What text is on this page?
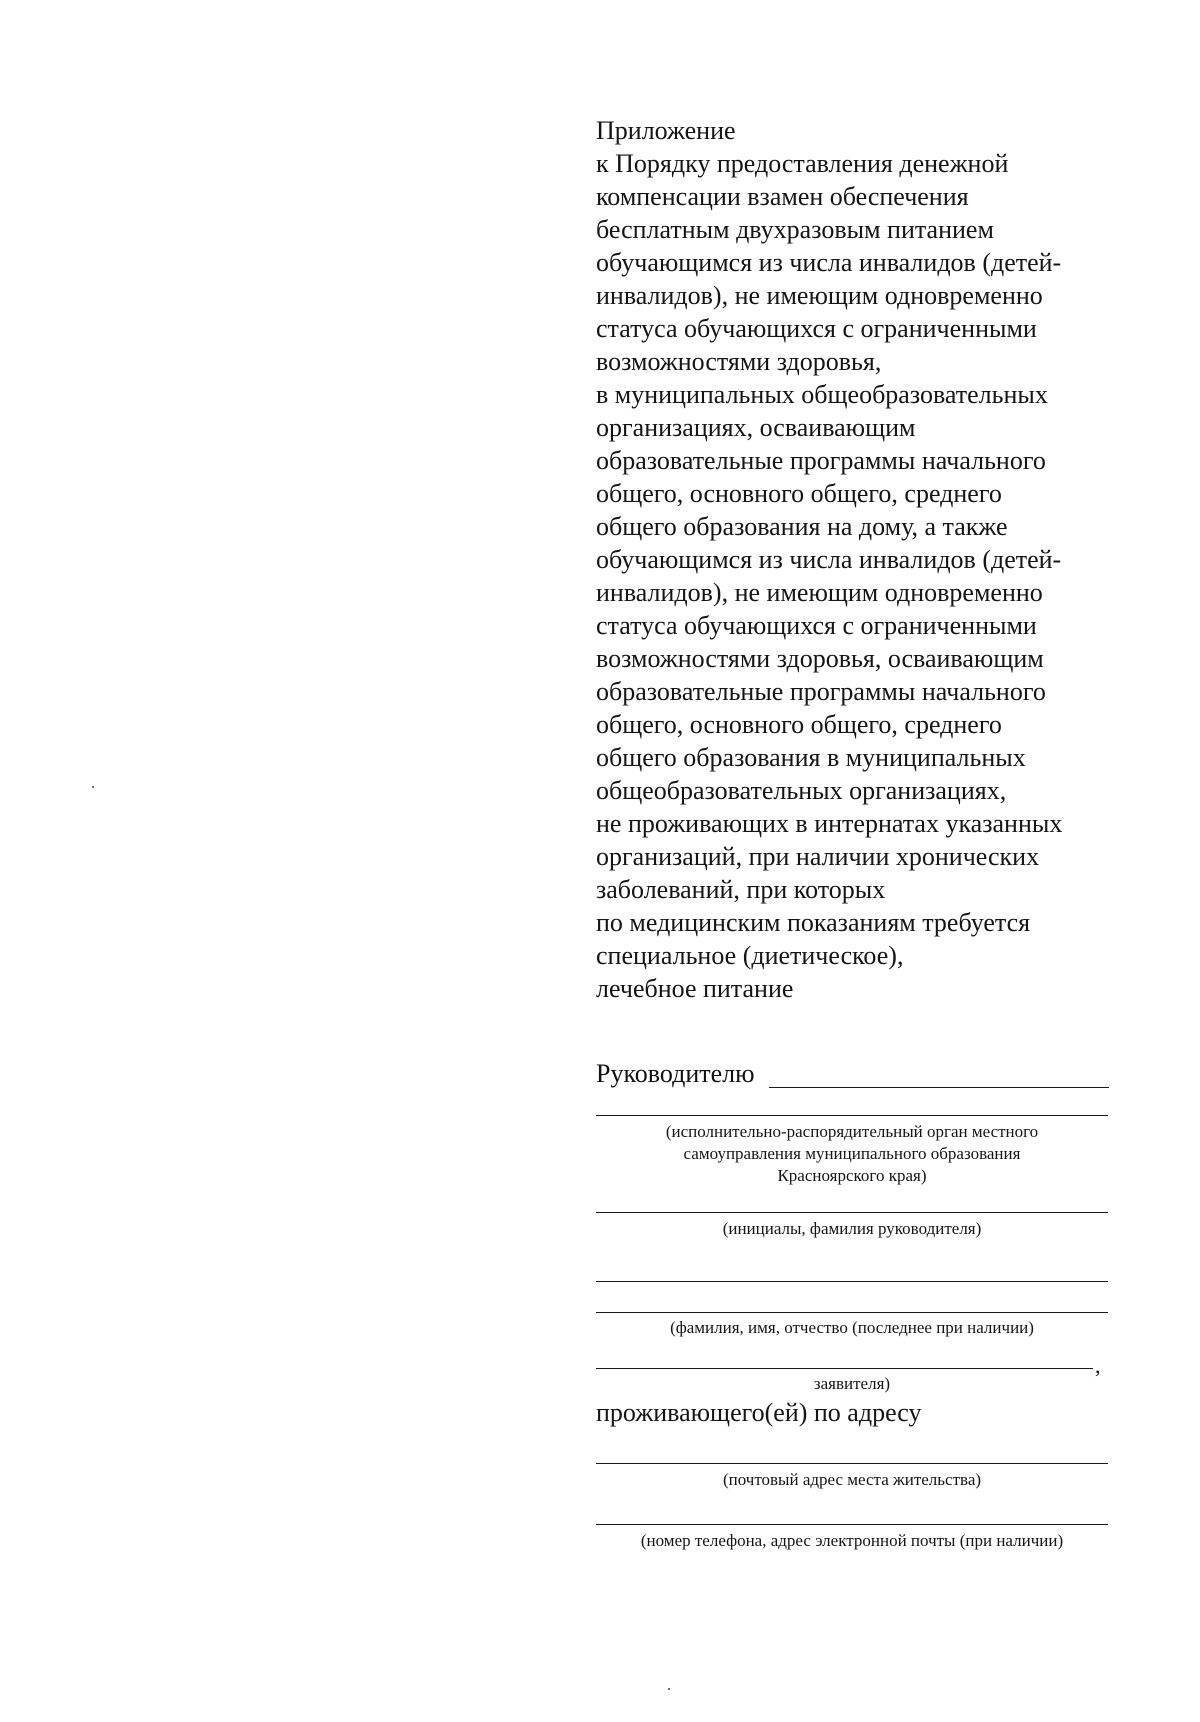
Приложение
к Порядку предоставления денежной
компенсации взамен обеспечения
бесплатным двухразовым питанием
обучающимся из числа инвалидов (детей-
инвалидов), не имеющим одновременно
статуса обучающихся с ограниченными
возможностями здоровья,
в муниципальных общеобразовательных
организациях, осваивающим
образовательные программы начального
общего, основного общего, среднего
общего образования на дому, а также
обучающимся из числа инвалидов (детей-
инвалидов), не имеющим одновременно
статуса обучающихся с ограниченными
возможностями здоровья, осваивающим
образовательные программы начального
общего, основного общего, среднего
общего образования в муниципальных
общеобразовательных организациях,
не проживающих в интернатах указанных
организаций, при наличии хронических
заболеваний, при которых
по медицинским показаниям требуется
специальное (диетическое),
лечебное питание
Руководителю
(исполнительно-распорядительный орган местного
самоуправления муниципального образования
Красноярского края)
(инициалы, фамилия руководителя)
(фамилия, имя, отчество (последнее при наличии)
,
заявителя)
проживающего(ей) по адресу
(почтовый адрес места жительства)
(номер телефона, адрес электронной почты (при наличии)
